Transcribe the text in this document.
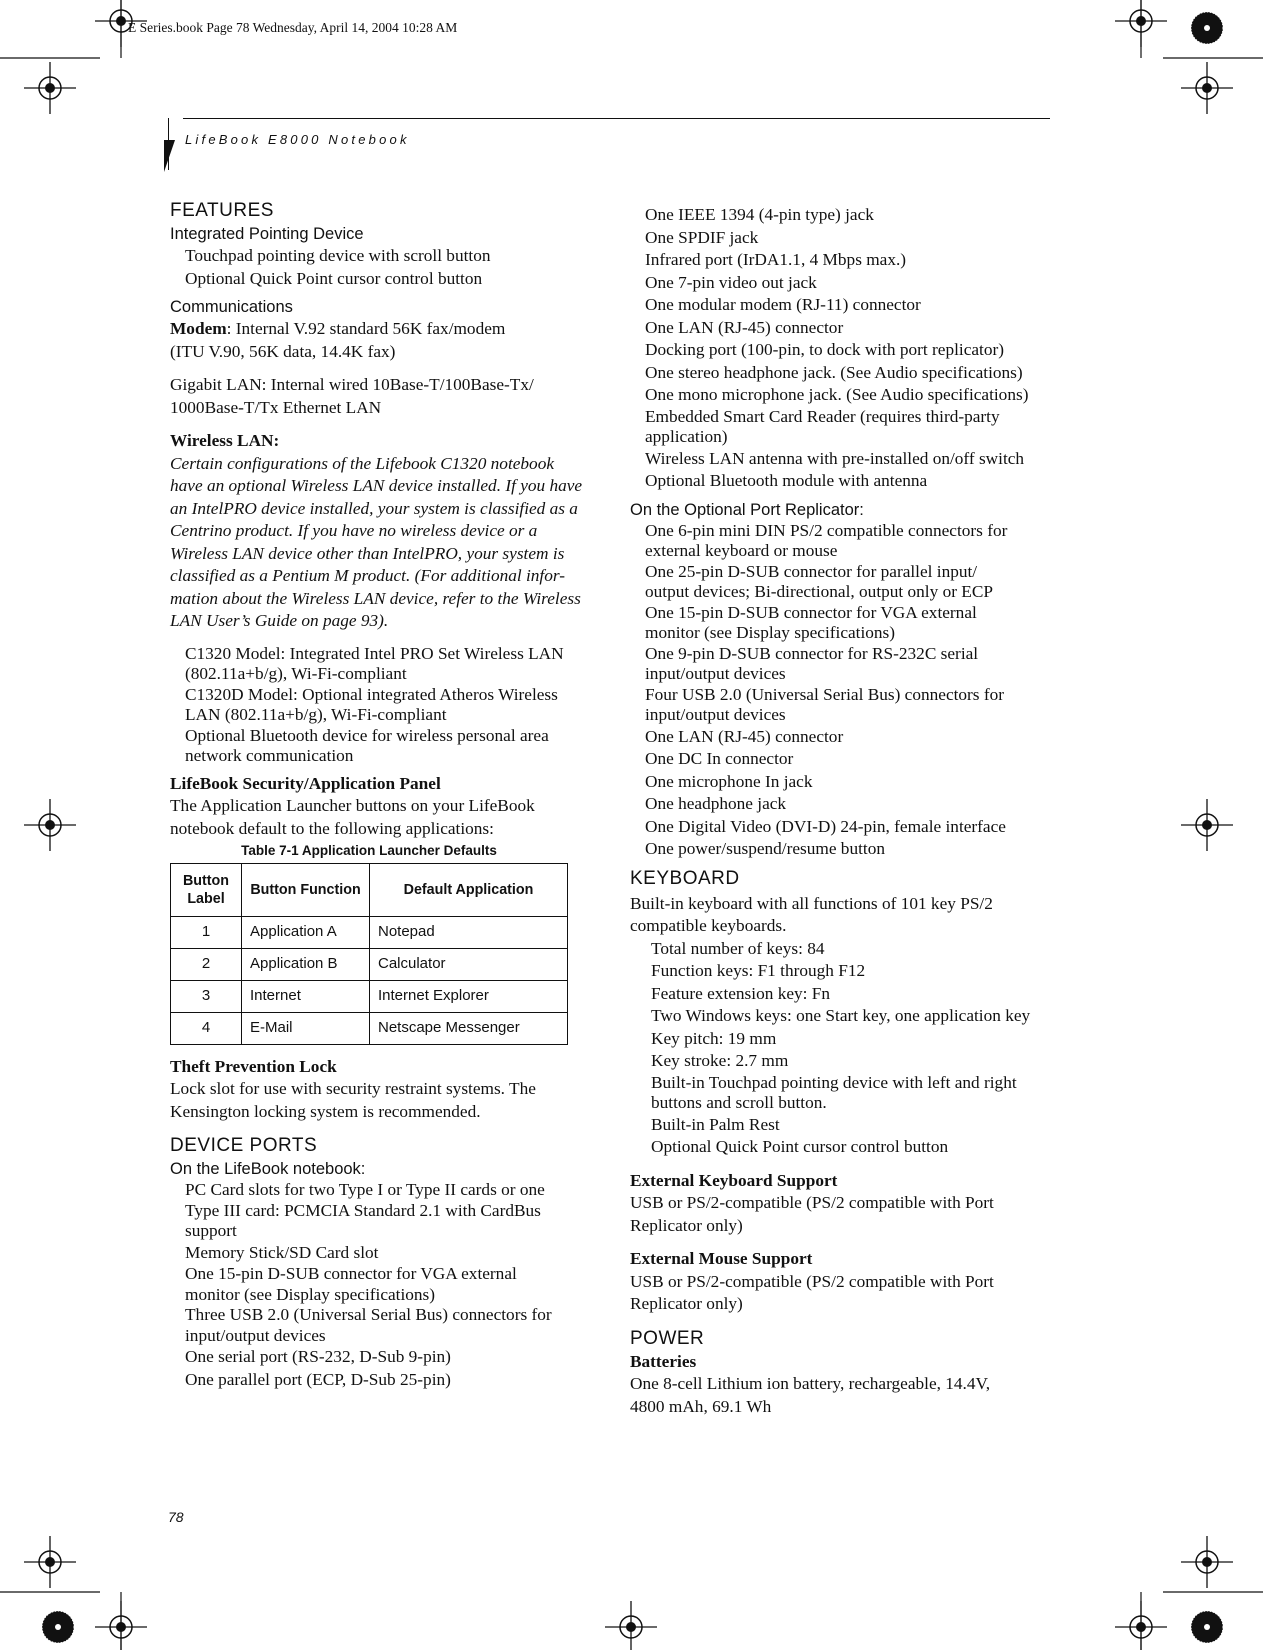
E Series.book Page 78 Wednesday, April 14, 2004 10:28 AM
LifeBook E8000 Notebook

FEATURES

Integrated Pointing Device

Touchpad pointing device with scroll button

Optional Quick Point cursor control button

Communications

Modem: Internal V.92 standard 56K fax/modem

(ITU V.90, 56K data, 14.4K fax)

Gigabit LAN: Internal wired 10Base-T/100Base-Tx/

1000Base-T/Tx Ethernet LAN

Wireless LAN:

Certain configurations of the Lifebook C1320 notebook

have an optional Wireless LAN device installed. If you have

an IntelPRO device installed, your system is classified as a

Centrino product. If you have no wireless device or a

Wireless LAN device other than IntelPRO, your system is

classified as a Pentium M product. (For additional infor-

mation about the Wireless LAN device, refer to the Wireless

LAN User’s Guide on page 93).

C1320 Model: Integrated Intel PRO Set Wireless LAN

(802.11a+b/g), Wi-Fi-compliant

C1320D Model: Optional integrated Atheros Wireless

LAN (802.11a+b/g), Wi-Fi-compliant

Optional Bluetooth device for wireless personal area

network communication

LifeBook Security/Application Panel

The Application Launcher buttons on your LifeBook

notebook default to the following applications:

Table 7-1 Application Launcher Defaults

Button Label	Button Function	Default Application
1	Application A	Notepad
2	Application B	Calculator
3	Internet	Internet Explorer
4	E-Mail	Netscape Messenger

Theft Prevention Lock

Lock slot for use with security restraint systems. The

Kensington locking system is recommended.

DEVICE PORTS

On the LifeBook notebook:

PC Card slots for two Type I or Type II cards or one

Type III card: PCMCIA Standard 2.1 with CardBus

support

Memory Stick/SD Card slot

One 15-pin D-SUB connector for VGA external

monitor (see Display specifications)

Three USB 2.0 (Universal Serial Bus) connectors for

input/output devices

One serial port (RS-232, D-Sub 9-pin)

One parallel port (ECP, D-Sub 25-pin)

One IEEE 1394 (4-pin type) jack

One SPDIF jack

Infrared port (IrDA1.1, 4 Mbps max.)

One 7-pin video out jack

One modular modem (RJ-11) connector

One LAN (RJ-45) connector

Docking port (100-pin, to dock with port replicator)

One stereo headphone jack. (See Audio specifications)

One mono microphone jack. (See Audio specifications)

Embedded Smart Card Reader (requires third-party

application)

Wireless LAN antenna with pre-installed on/off switch

Optional Bluetooth module with antenna

On the Optional Port Replicator:

One 6-pin mini DIN PS/2 compatible connectors for

external keyboard or mouse

One 25-pin D-SUB connector for parallel input/

output devices; Bi-directional, output only or ECP

One 15-pin D-SUB connector for VGA external

monitor (see Display specifications)

One 9-pin D-SUB connector for RS-232C serial

input/output devices

Four USB 2.0 (Universal Serial Bus) connectors for

input/output devices

One LAN (RJ-45) connector

One DC In connector

One microphone In jack

One headphone jack

One Digital Video (DVI-D) 24-pin, female interface

One power/suspend/resume button

KEYBOARD

Built-in keyboard with all functions of 101 key PS/2

compatible keyboards.

Total number of keys: 84

Function keys: F1 through F12

Feature extension key: Fn

Two Windows keys: one Start key, one application key

Key pitch: 19 mm

Key stroke: 2.7 mm

Built-in Touchpad pointing device with left and right

buttons and scroll button.

Built-in Palm Rest

Optional Quick Point cursor control button

External Keyboard Support

USB or PS/2-compatible (PS/2 compatible with Port

Replicator only)

External Mouse Support

USB or PS/2-compatible (PS/2 compatible with Port

Replicator only)

POWER

Batteries

One 8-cell Lithium ion battery, rechargeable, 14.4V,

4800 mAh, 69.1 Wh

78
